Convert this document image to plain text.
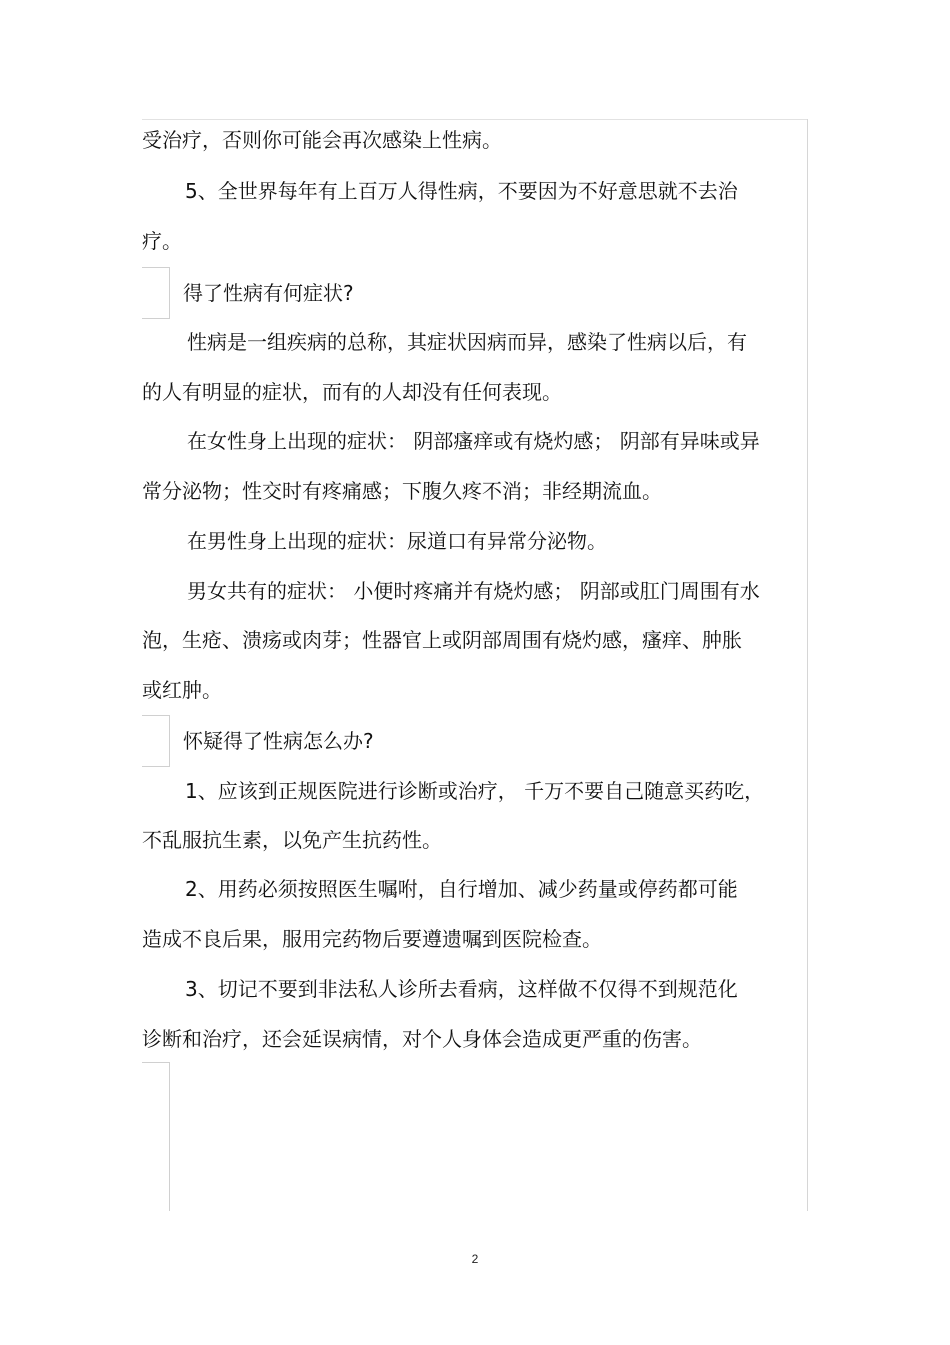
受治疗，否则你可能会再次感染上性病。
5、全世界每年有上百万人得性病，不要因为不好意思就不去治
疗。
得了性病有何症状?
性病是一组疾病的总称，其症状因病而异，感染了性病以后，有
的人有明显的症状，而有的人却没有任何表现。
在女性身上出现的症状： 阴部瘙痒或有烧灼感； 阴部有异味或异
常分泌物；性交时有疼痛感；下腹久疼不消；非经期流血。
在男性身上出现的症状：尿道口有异常分泌物。
男女共有的症状： 小便时疼痛并有烧灼感； 阴部或肛门周围有水
泡，生疮、溃疡或肉芽；性器官上或阴部周围有烧灼感，瘙痒、肿胀
或红肿。
怀疑得了性病怎么办?
1、应该到正规医院进行诊断或治疗， 千万不要自己随意买药吃，
不乱服抗生素，以免产生抗药性。
2、用药必须按照医生嘱咐，自行增加、减少药量或停药都可能
造成不良后果，服用完药物后要遵遗嘱到医院检查。
3、切记不要到非法私人诊所去看病，这样做不仅得不到规范化
诊断和治疗，还会延误病情，对个人身体会造成更严重的伤害。
2
